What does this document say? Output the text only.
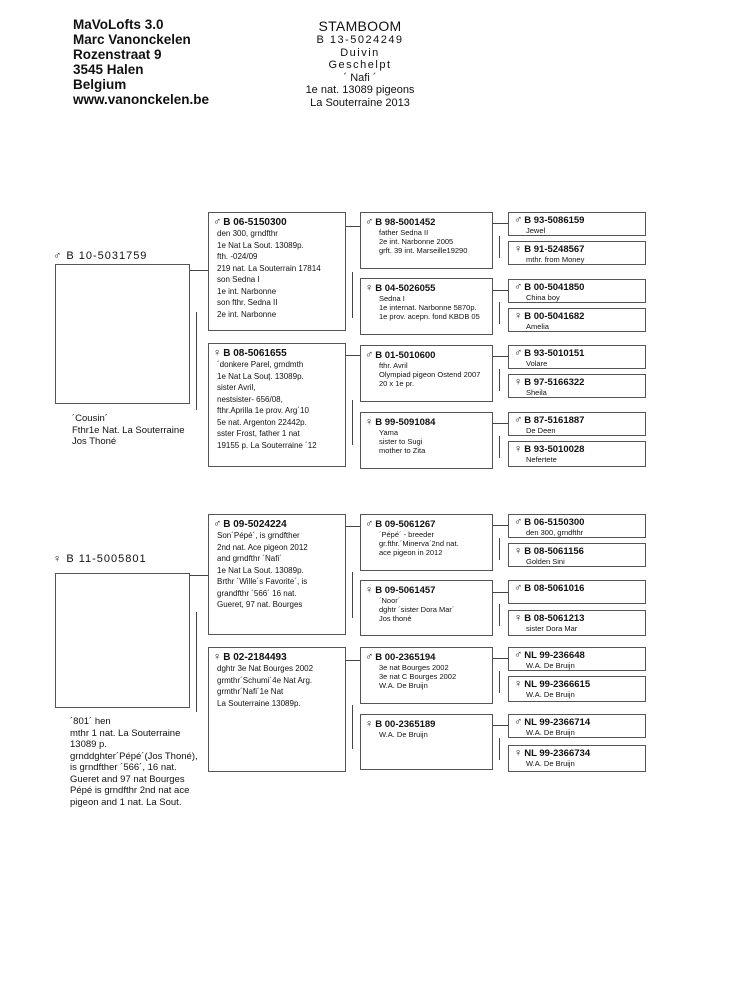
MaVoLofts 3.0
Marc Vanonckelen
Rozenstraat 9
3545 Halen
Belgium
www.vanonckelen.be
STAMBOOM
B 13-5024249
Duivin
Geschelpt
´ Nafi ´
1e nat. 13089 pigeons
La Souterraine 2013
♂ B 10-5031759
´Cousin´
Fthr1e Nat. La Souterraine
Jos Thoné
♀ B 11-5005801
´801´ hen
mthr 1 nat. La Souterraine
13089 p.
grnddghter´Pépé´(Jos Thoné),
is grndfther ´566´, 16 nat.
Gueret and 97 nat Bourges
Pépé is grndfthr 2nd nat ace
pigeon and 1 nat. La Sout.
♂ B 06-5150300
den 300, grndfthr
1e Nat La Sout. 13089p.
fth. -024/09
219 nat. La Souterrain 17814
son Sedna I
1e int. Narbonne
son fthr. Sedna II
2e int. Narbonne
♀ B 08-5061655
´donkere Parel, grndmth
1e Nat La Souț. 13089p.
sister Avril,
nestsister- 656/08,
fthr.Aprilla 1e prov. Arg´10
5e nat. Argenton 22442p.
sster Frost, father 1 nat
19155 p. La Souterraine ´12
♂ B 09-5024224
Son´Pépé´, is grndfther
2nd nat. Ace pigeon 2012
and grndfthr ´Nafi´
1e Nat La Sout. 13089p.
Brthr ´Wille´s Favorite´, is
grandfthr ´566´ 16 nat.
Gueret, 97 nat. Bourges
♀ B 02-2184493
dghtr 3e Nat Bourges 2002
grmthr´Schumi´4e Nat Arg.
grmthr´Nafi´1e Nat
La Souterraine 13089p.
♂ B 98-5001452
father Sedna II
2e int. Narbonne 2005
grft. 39 int. Marseille19290
♀ B 04-5026055
Sedna I
1e internat. Narbonne 5870p.
1e prov. acepn. fond KBDB 05
♂ B 01-5010600
fthr. Avril
Olympiad pigeon Ostend 2007
20 x 1e pr.
♀ B 99-5091084
Yama
sister to Sugi
mother to Zita
♂ B 09-5061267
´Pépé´ - breeder
gr.fthr.´Minerva´2nd nat.
ace pigeon in 2012
♀ B 09-5061457
´Noor´
dghtr ´sister Dora Mar´
Jos thoné
♂ B 00-2365194
3e nat Bourges 2002
3e nat C Bourges 2002
W.A. De Bruijn
♀ B 00-2365189
W.A. De Bruijn
♂ B 93-5086159
Jewel
♀ B 91-5248567
mthr. from Money
♂ B 00-5041850
China boy
♀ B 00-5041682
Amelia
♂ B 93-5010151
Volare
♀ B 97-5166322
Sheila
♂ B 87-5161887
De Deen
♀ B 93-5010028
Nefertete
♂ B 06-5150300
den 300, grndfthr
♀ B 08-5061156
Golden Sini
♂ B 08-5061016
♀ B 08-5061213
sister Dora Mar
♂ NL 99-236648
W.A. De Bruijn
♀ NL 99-2366615
W.A. De Bruijn
♂ NL 99-2366714
W.A. De Bruijn
♀ NL 99-2366734
W.A. De Bruijn
